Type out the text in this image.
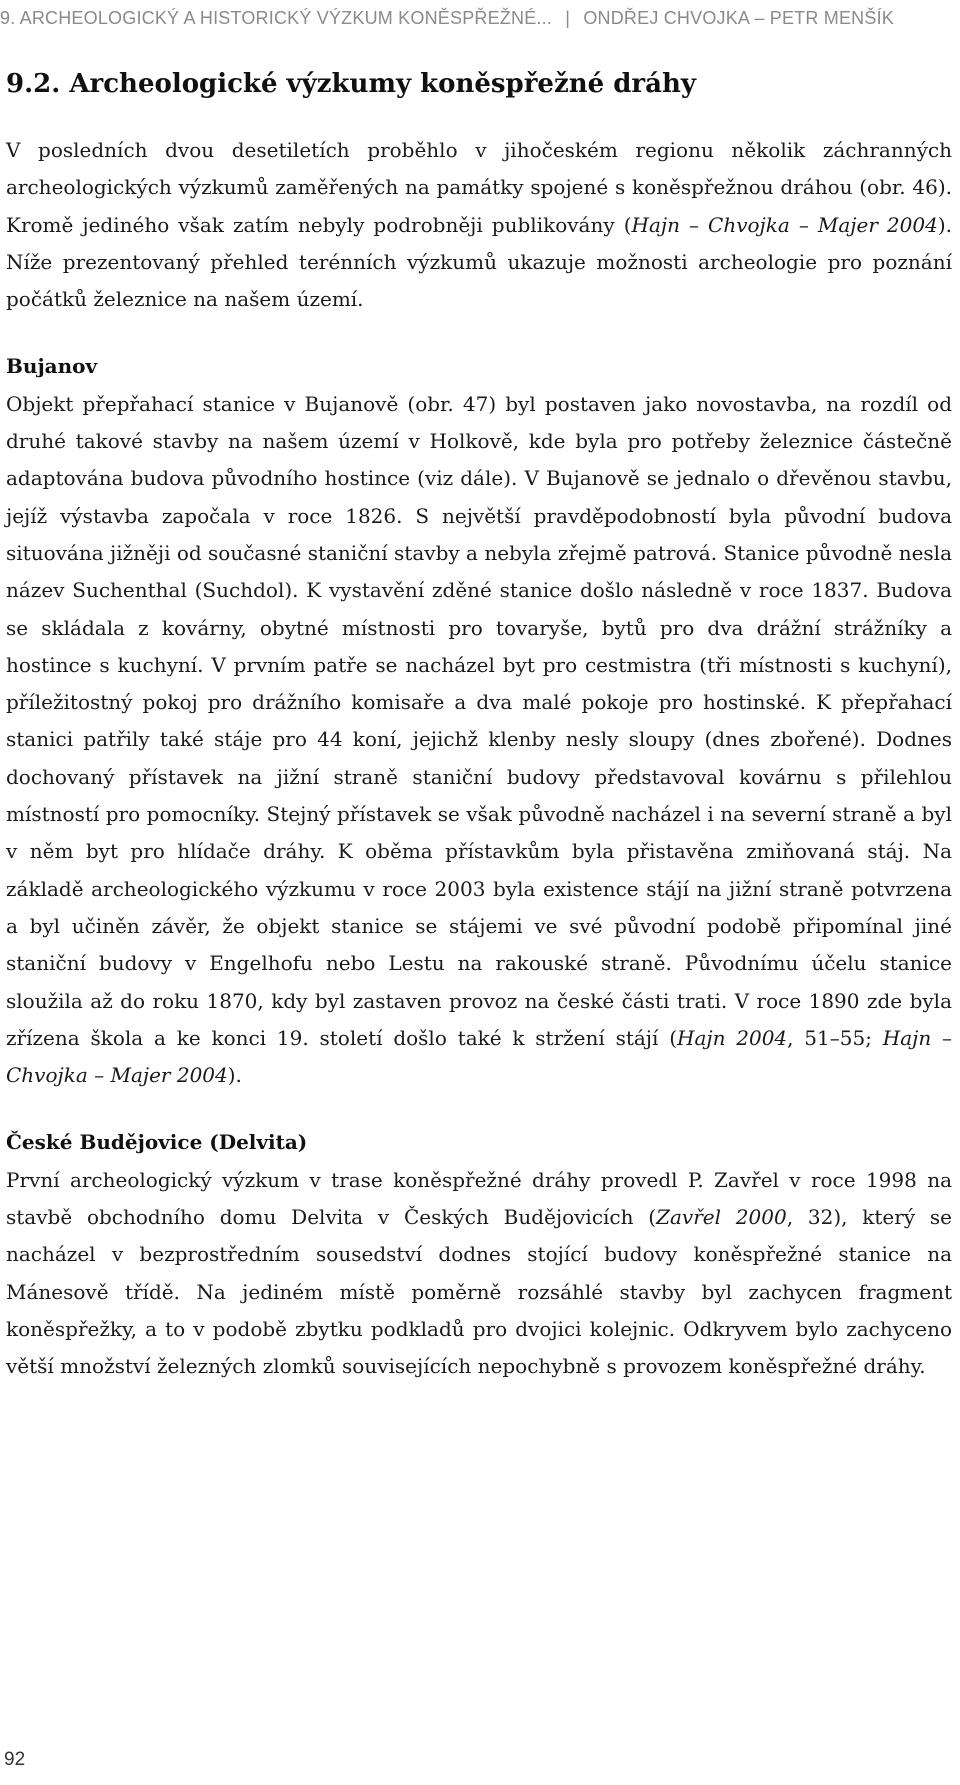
9. ARCHEOLOGICKÝ A HISTORICKÝ VÝZKUM KONĚSPŘEŽNÉ... | ONDŘEJ CHVOJKA – PETR MENŠÍK
9.2. Archeologické výzkumy koněspřežné dráhy

V posledních dvou desetiletích proběhlo v jihočeském regionu několik záchranných archeologických výzkumů zaměřených na památky spojené s koněspřežnou dráhou (obr. 46). Kromě jediného však zatím nebyly podrobněji publikovány (Hajn – Chvojka – Majer 2004). Níže prezentovaný přehled terénních výzkumů ukazuje možnosti archeologie pro poznání počátků železnice na našem území.

Bujanov

Objekt přepřahací stanice v Bujanově (obr. 47) byl postaven jako novostavba, na rozdíl od druhé takové stavby na našem území v Holkově, kde byla pro potřeby železnice částečně adaptována budova původního hostince (viz dále). V Bujanově se jednalo o dřevěnou stavbu, jejíž výstavba započala v roce 1826. S největší pravděpodobností byla původní budova situována jižněji od současné staniční stavby a nebyla zřejmě patrová. Stanice původně nesla název Suchenthal (Suchdol). K vystavění zděné stanice došlo následně v roce 1837. Budova se skládala z kovárny, obytné místnosti pro tovaryše, bytů pro dva drážní strážníky a hostince s kuchyní. V prvním patře se nacházel byt pro cestmistra (tři místnosti s kuchyní), příležitostný pokoj pro drážního komisaře a dva malé pokoje pro hostinské. K přepřahací stanici patřily také stáje pro 44 koní, jejichž klenby nesly sloupy (dnes zbořené). Dodnes dochovaný přístavek na jižní straně staniční budovy představoval kovárnu s přilehlou místností pro pomocníky. Stejný přístavek se však původně nacházel i na severní straně a byl v něm byt pro hlídače dráhy. K oběma přístavkům byla přistavěna zmiňovaná stáj. Na základě archeologického výzkumu v roce 2003 byla existence stájí na jižní straně potvrzena a byl učiněn závěr, že objekt stanice se stájemi ve své původní podobě připomínal jiné staniční budovy v Engelhofu nebo Lestu na rakouské straně. Původnímu účelu stanice sloužila až do roku 1870, kdy byl zastaven provoz na české části trati. V roce 1890 zde byla zřízena škola a ke konci 19. století došlo také k stržení stájí (Hajn 2004, 51–55; Hajn – Chvojka – Majer 2004).

České Budějovice (Delvita)

První archeologický výzkum v trase koněspřežné dráhy provedl P. Zavřel v roce 1998 na stavbě obchodního domu Delvita v Českých Budějovicích (Zavřel 2000, 32), který se nacházel v bezprostředním sousedství dodnes stojící budovy koněspřežné stanice na Mánesově třídě. Na jediném místě poměrně rozsáhlé stavby byl zachycen fragment koněspřežky, a to v podobě zbytku podkladů pro dvojici kolejnic. Odkryvem bylo zachyceno větší množství železných zlomků souvisejících nepochybně s provozem koněspřežné dráhy.

92
